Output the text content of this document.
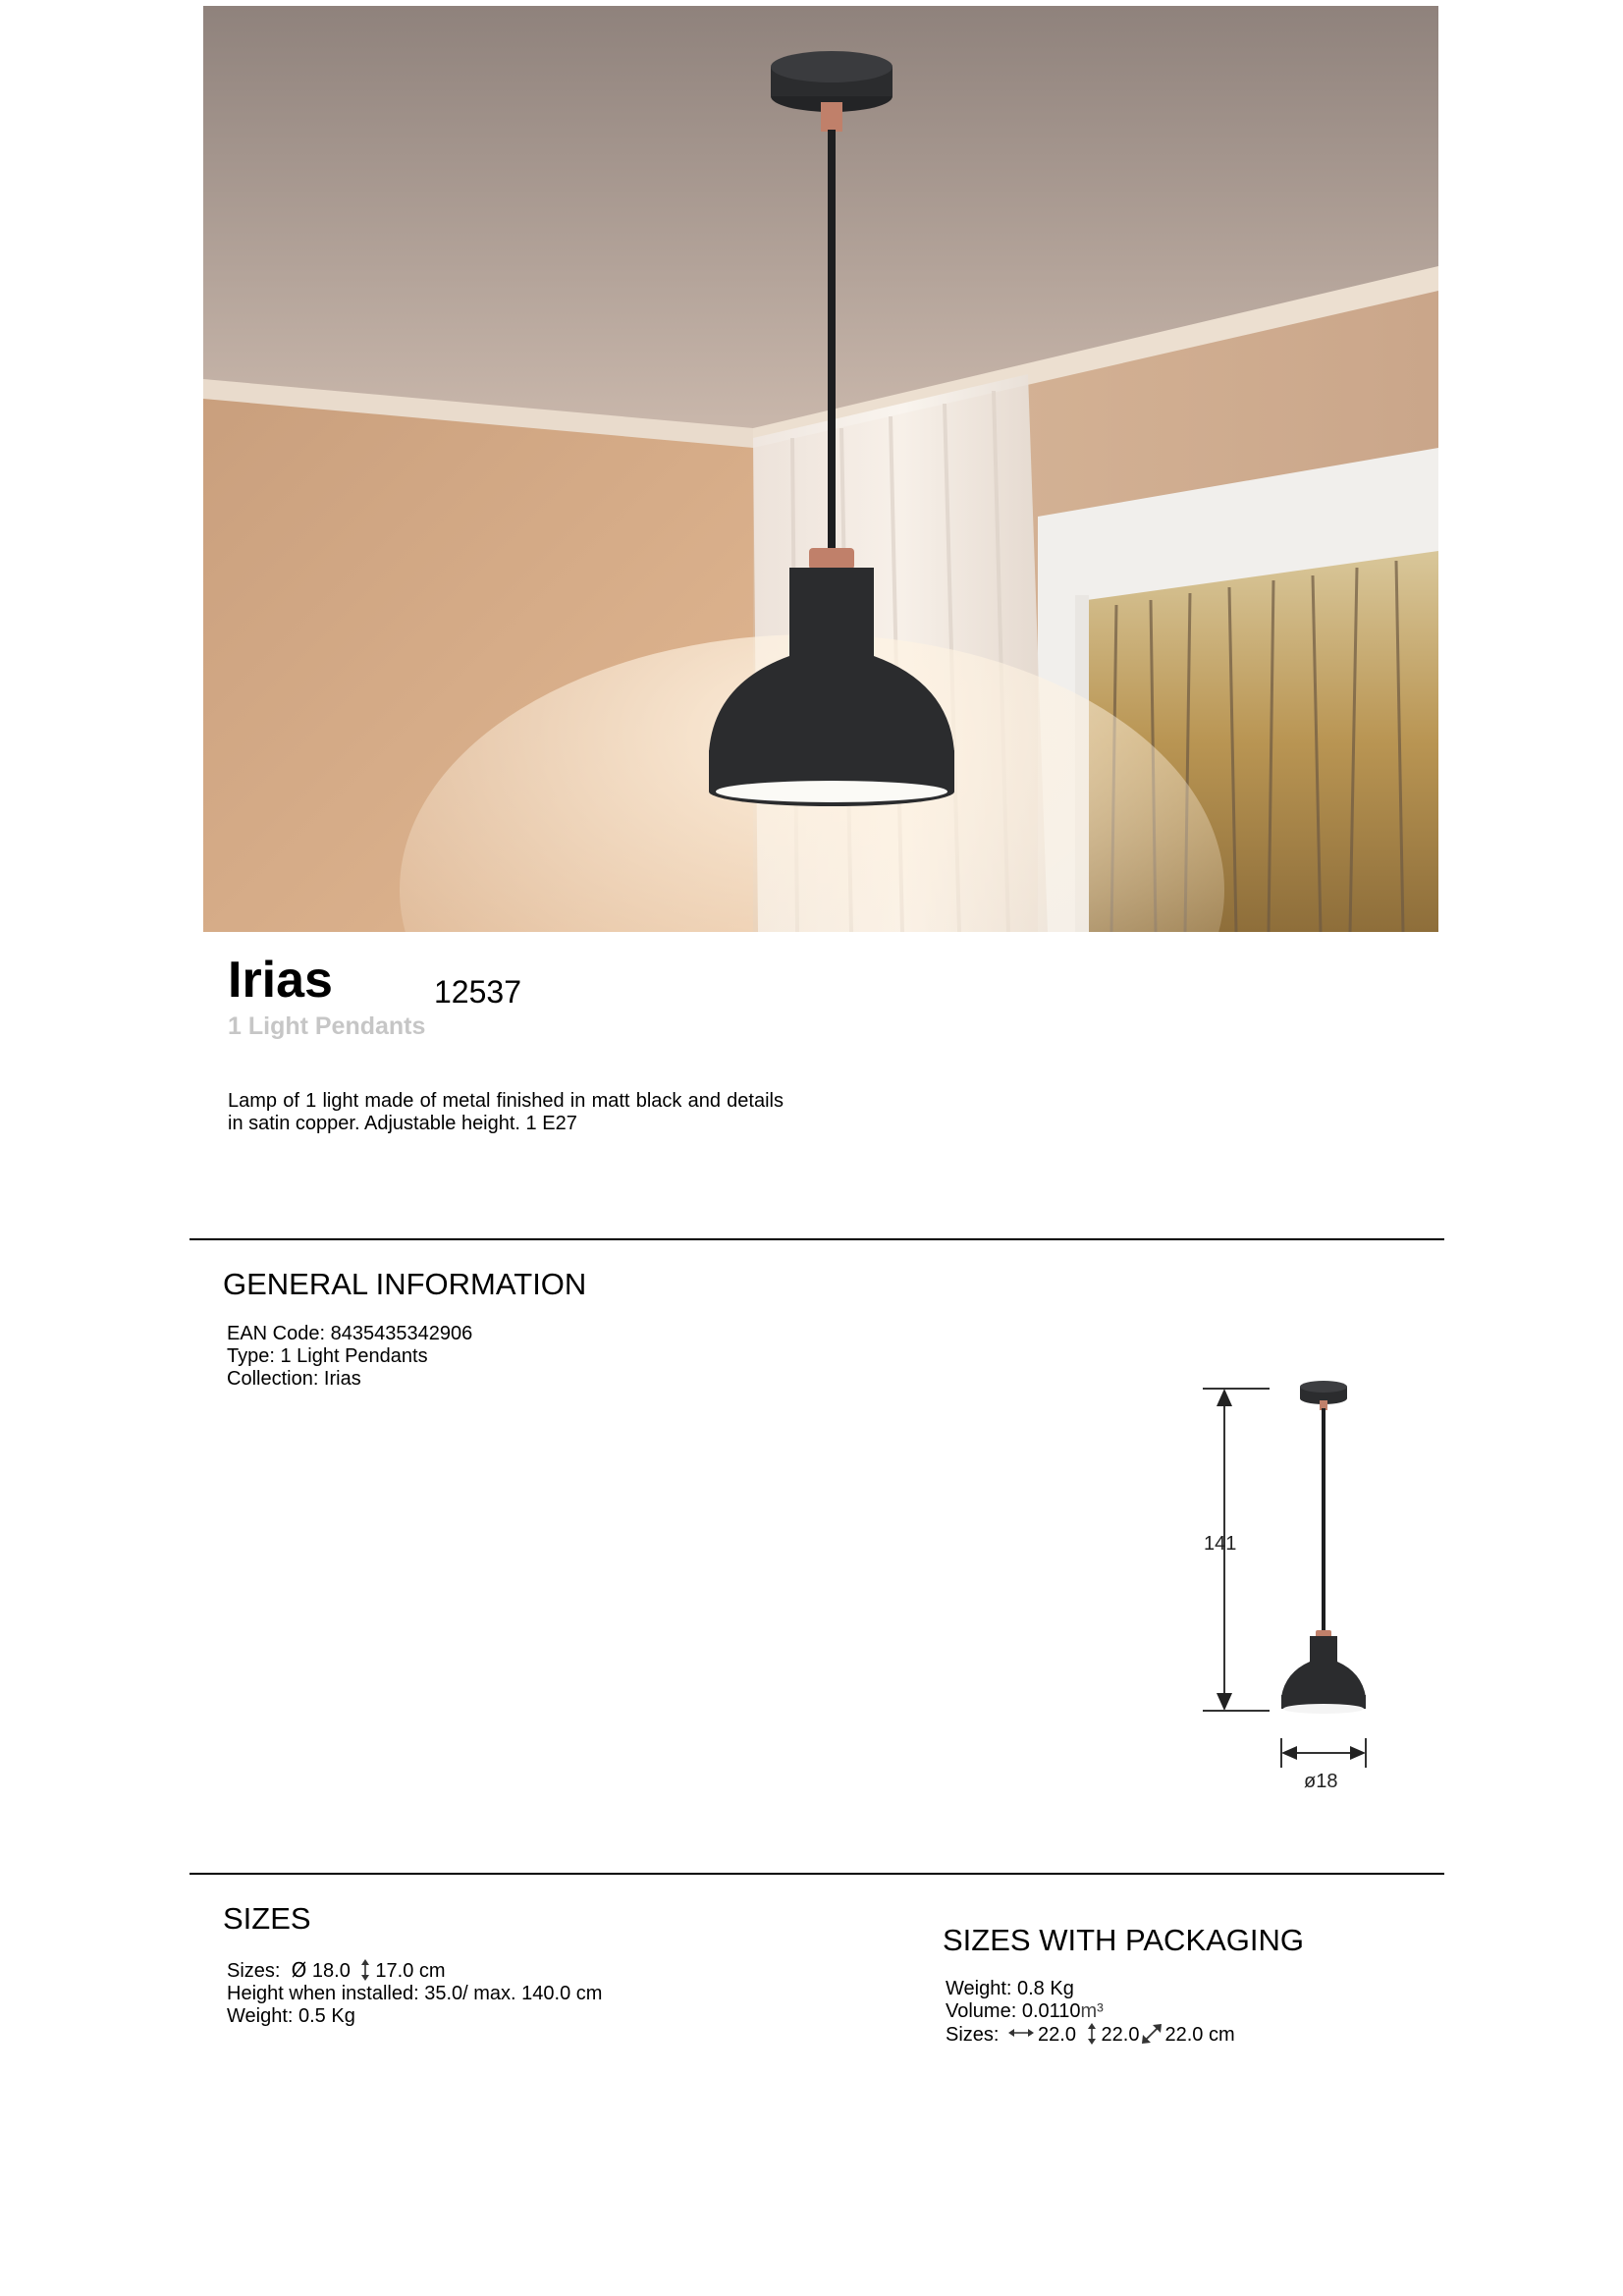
Irias	12537
1 Light Pendants
Lamp of 1 light made of metal finished in matt black and details in satin copper. Adjustable height. 1 E27
GENERAL INFORMATION
EAN Code: 8435435342906
Type: 1 Light Pendants
Collection: Irias
141
ø18
SIZES
Sizes: Ø 18.0 17.0 cm
Height when installed: 35.0/ max. 140.0 cm
Weight: 0.5 Kg
SIZES WITH PACKAGING
Weight: 0.8 Kg
Volume: 0.0110m³
Sizes: 22.0 22.0 22.0 cm
